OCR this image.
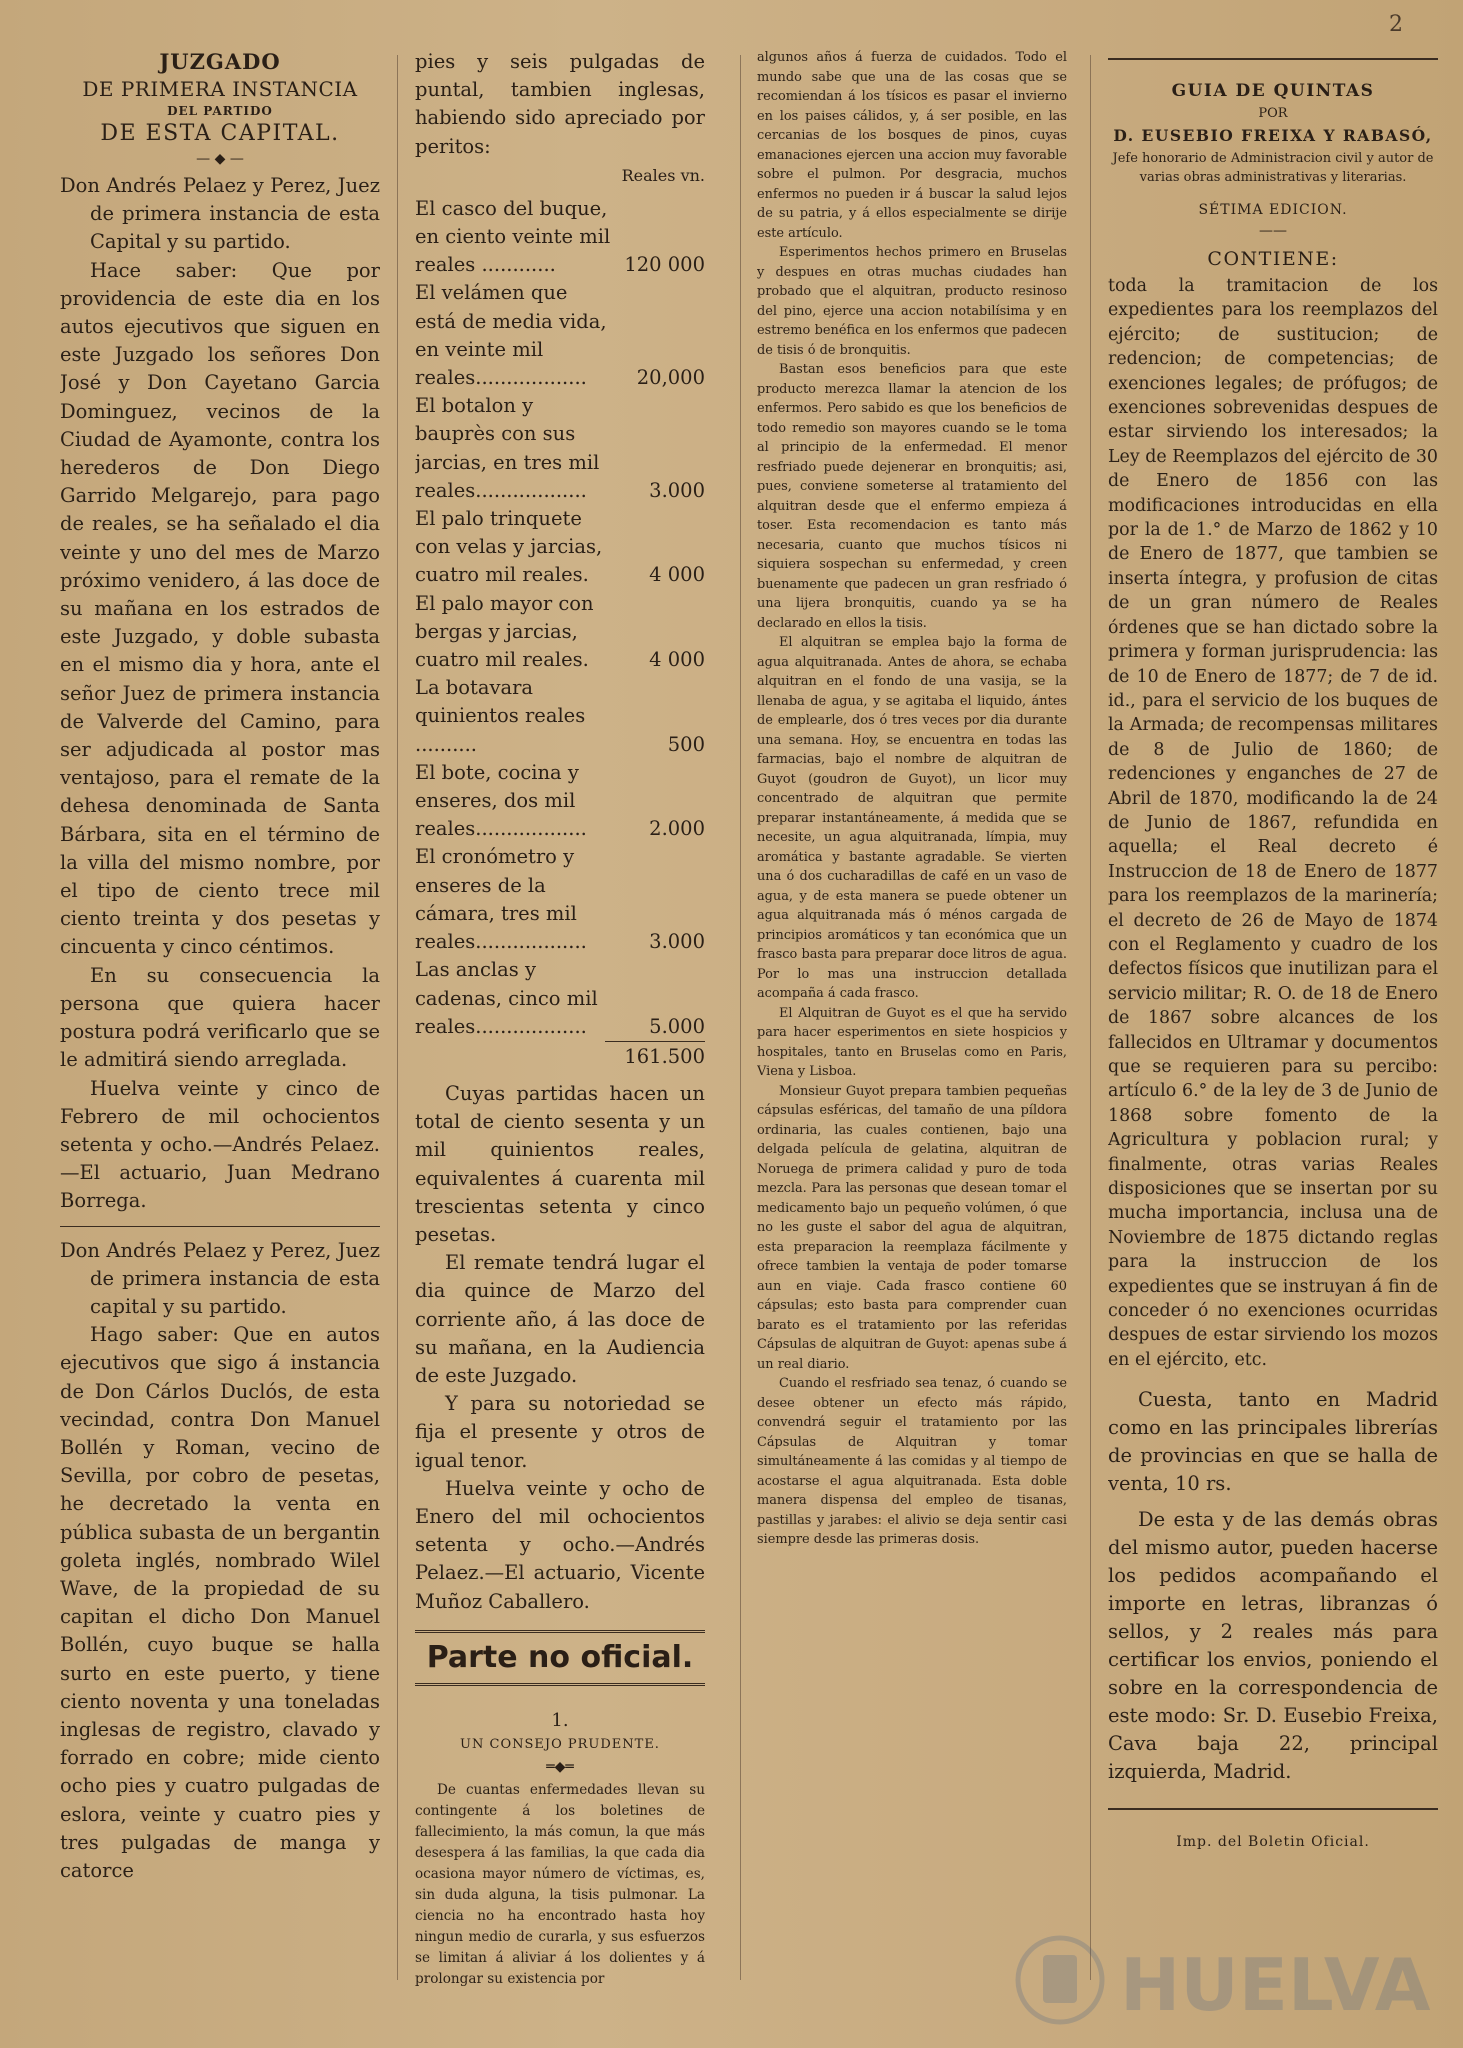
2
JUZGADO
DE PRIMERA INSTANCIA
DEL PARTIDO
DE ESTA CAPITAL.
— ◆ —

Don Andrés Pelaez y Perez, Juez de primera instancia de esta Capital y su partido.

Hace saber: Que por providencia de este dia en los autos ejecutivos que siguen en este Juzgado los señores Don José y Don Cayetano Garcia Dominguez, vecinos de la Ciudad de Ayamonte, contra los herederos de Don Diego Garrido Melgarejo, para pago de reales, se ha señalado el dia veinte y uno del mes de Marzo próximo venidero, á las doce de su mañana en los estrados de este Juzgado, y doble subasta en el mismo dia y hora, ante el señor Juez de primera instancia de Valverde del Camino, para ser adjudicada al postor mas ventajoso, para el remate de la dehesa denominada de Santa Bárbara, sita en el término de la villa del mismo nombre, por el tipo de ciento trece mil ciento treinta y dos pesetas y cincuenta y cinco céntimos.

En su consecuencia la persona que quiera hacer postura podrá verificarlo que se le admitirá siendo arreglada.

Huelva veinte y cinco de Febrero de mil ochocientos setenta y ocho.—Andrés Pelaez.—El actuario, Juan Medrano Borrega.

Don Andrés Pelaez y Perez, Juez de primera instancia de esta capital y su partido.

Hago saber: Que en autos ejecutivos que sigo á instancia de Don Cárlos Duclós, de esta vecindad, contra Don Manuel Bollén y Roman, vecino de Sevilla, por cobro de pesetas, he decretado la venta en pública subasta de un bergantin goleta inglés, nombrado Wilel Wave, de la propiedad de su capitan el dicho Don Manuel Bollén, cuyo buque se halla surto en este puerto, y tiene ciento noventa y una toneladas inglesas de registro, clavado y forrado en cobre; mide ciento ocho pies y cuatro pulgadas de eslora, veinte y cuatro pies y tres pulgadas de manga y catorce

pies y seis pulgadas de puntal, tambien inglesas, habiendo sido apreciado por peritos:

Reales vn.
El casco del buque, en ciento veinte mil reales ............	120 000
El velámen que está de media vida, en veinte mil reales..................	20,000
El botalon y bauprès con sus jarcias, en tres mil reales..................	3.000
El palo trinquete con velas y jarcias, cuatro mil reales.	4 000
El palo mayor con bergas y jarcias, cuatro mil reales.	4 000
La botavara quinientos reales ..........	500
El bote, cocina y enseres, dos mil reales..................	2.000
El cronómetro y enseres de la cámara, tres mil reales..................	3.000
Las anclas y cadenas, cinco mil reales..................	5.000
161.500

Cuyas partidas hacen un total de ciento sesenta y un mil quinientos reales, equivalentes á cuarenta mil trescientas setenta y cinco pesetas.

El remate tendrá lugar el dia quince de Marzo del corriente año, á las doce de su mañana, en la Audiencia de este Juzgado.

Y para su notoriedad se fija el presente y otros de igual tenor.

Huelva veinte y ocho de Enero del mil ochocientos setenta y ocho.—Andrés Pelaez.—El actuario, Vicente Muñoz Caballero.

Parte no oficial.
1.
UN CONSEJO PRUDENTE.
═◆═

De cuantas enfermedades llevan su contingente á los boletines de fallecimiento, la más comun, la que más desespera á las familias, la que cada dia ocasiona mayor número de víctimas, es, sin duda alguna, la tisis pulmonar. La ciencia no ha encontrado hasta hoy ningun medio de curarla, y sus esfuerzos se limitan á aliviar á los dolientes y á prolongar su existencia por

algunos años á fuerza de cuidados. Todo el mundo sabe que una de las cosas que se recomiendan á los tísicos es pasar el invierno en los paises cálidos, y, á ser posible, en las cercanias de los bosques de pinos, cuyas emanaciones ejercen una accion muy favorable sobre el pulmon. Por desgracia, muchos enfermos no pueden ir á buscar la salud lejos de su patria, y á ellos especialmente se dirije este artículo.

Esperimentos hechos primero en Bruselas y despues en otras muchas ciudades han probado que el alquitran, producto resinoso del pino, ejerce una accion notabilísima y en estremo benéfica en los enfermos que padecen de tisis ó de bronquitis.

Bastan esos beneficios para que este producto merezca llamar la atencion de los enfermos. Pero sabido es que los beneficios de todo remedio son mayores cuando se le toma al principio de la enfermedad. El menor resfriado puede dejenerar en bronquitis; asi, pues, conviene someterse al tratamiento del alquitran desde que el enfermo empieza á toser. Esta recomendacion es tanto más necesaria, cuanto que muchos tísicos ni siquiera sospechan su enfermedad, y creen buenamente que padecen un gran resfriado ó una lijera bronquitis, cuando ya se ha declarado en ellos la tisis.

El alquitran se emplea bajo la forma de agua alquitranada. Antes de ahora, se echaba alquitran en el fondo de una vasija, se la llenaba de agua, y se agitaba el liquido, ántes de emplearle, dos ó tres veces por dia durante una semana. Hoy, se encuentra en todas las farmacias, bajo el nombre de alquitran de Guyot (goudron de Guyot), un licor muy concentrado de alquitran que permite preparar instantáneamente, á medida que se necesite, un agua alquitranada, límpia, muy aromática y bastante agradable. Se vierten una ó dos cucharadillas de café en un vaso de agua, y de esta manera se puede obtener un agua alquitranada más ó ménos cargada de principios aromáticos y tan económica que un frasco basta para preparar doce litros de agua. Por lo mas una instruccion detallada acompaña á cada frasco.

El Alquitran de Guyot es el que ha servido para hacer esperimentos en siete hospicios y hospitales, tanto en Bruselas como en Paris, Viena y Lisboa.

Monsieur Guyot prepara tambien pequeñas cápsulas esféricas, del tamaño de una píldora ordinaria, las cuales contienen, bajo una delgada película de gelatina, alquitran de Noruega de primera calidad y puro de toda mezcla. Para las personas que desean tomar el medicamento bajo un pequeño volúmen, ó que no les guste el sabor del agua de alquitran, esta preparacion la reemplaza fácilmente y ofrece tambien la ventaja de poder tomarse aun en viaje. Cada frasco contiene 60 cápsulas; esto basta para comprender cuan barato es el tratamiento por las referidas Cápsulas de alquitran de Guyot: apenas sube á un real diario.

Cuando el resfriado sea tenaz, ó cuando se desee obtener un efecto más rápido, convendrá seguir el tratamiento por las Cápsulas de Alquitran y tomar simultáneamente á las comidas y al tiempo de acostarse el agua alquitranada. Esta doble manera dispensa del empleo de tisanas, pastillas y jarabes: el alivio se deja sentir casi siempre desde las primeras dosis.

GUIA DE QUINTAS
POR
D. EUSEBIO FREIXA Y RABASÓ,

Jefe honorario de Administracion civil y autor de varias obras administrativas y literarias.

SÉTIMA EDICION.
——
CONTIENE:

toda la tramitacion de los expedientes para los reemplazos del ejército; de sustitucion; de redencion; de competencias; de exenciones legales; de prófugos; de exenciones sobrevenidas despues de estar sirviendo los interesados; la Ley de Reemplazos del ejército de 30 de Enero de 1856 con las modificaciones introducidas en ella por la de 1.° de Marzo de 1862 y 10 de Enero de 1877, que tambien se inserta íntegra, y profusion de citas de un gran número de Reales órdenes que se han dictado sobre la primera y forman jurisprudencia: las de 10 de Enero de 1877; de 7 de id. id., para el servicio de los buques de la Armada; de recompensas militares de 8 de Julio de 1860; de redenciones y enganches de 27 de Abril de 1870, modificando la de 24 de Junio de 1867, refundida en aquella; el Real decreto é Instruccion de 18 de Enero de 1877 para los reemplazos de la marinería; el decreto de 26 de Mayo de 1874 con el Reglamento y cuadro de los defectos físicos que inutilizan para el servicio militar; R. O. de 18 de Enero de 1867 sobre alcances de los fallecidos en Ultramar y documentos que se requieren para su percibo: artículo 6.° de la ley de 3 de Junio de 1868 sobre fomento de la Agricultura y poblacion rural; y finalmente, otras varias Reales disposiciones que se insertan por su mucha importancia, inclusa una de Noviembre de 1875 dictando reglas para la instruccion de los expedientes que se instruyan á fin de conceder ó no exenciones ocurridas despues de estar sirviendo los mozos en el ejército, etc.

Cuesta, tanto en Madrid como en las principales librerías de provincias en que se halla de venta, 10 rs.

De esta y de las demás obras del mismo autor, pueden hacerse los pedidos acompañando el importe en letras, libranzas ó sellos, y 2 reales más para certificar los envios, poniendo el sobre en la correspondencia de este modo: Sr. D. Eusebio Freixa, Cava baja 22, principal izquierda, Madrid.

Imp. del Boletin Oficial.
HUELVA
